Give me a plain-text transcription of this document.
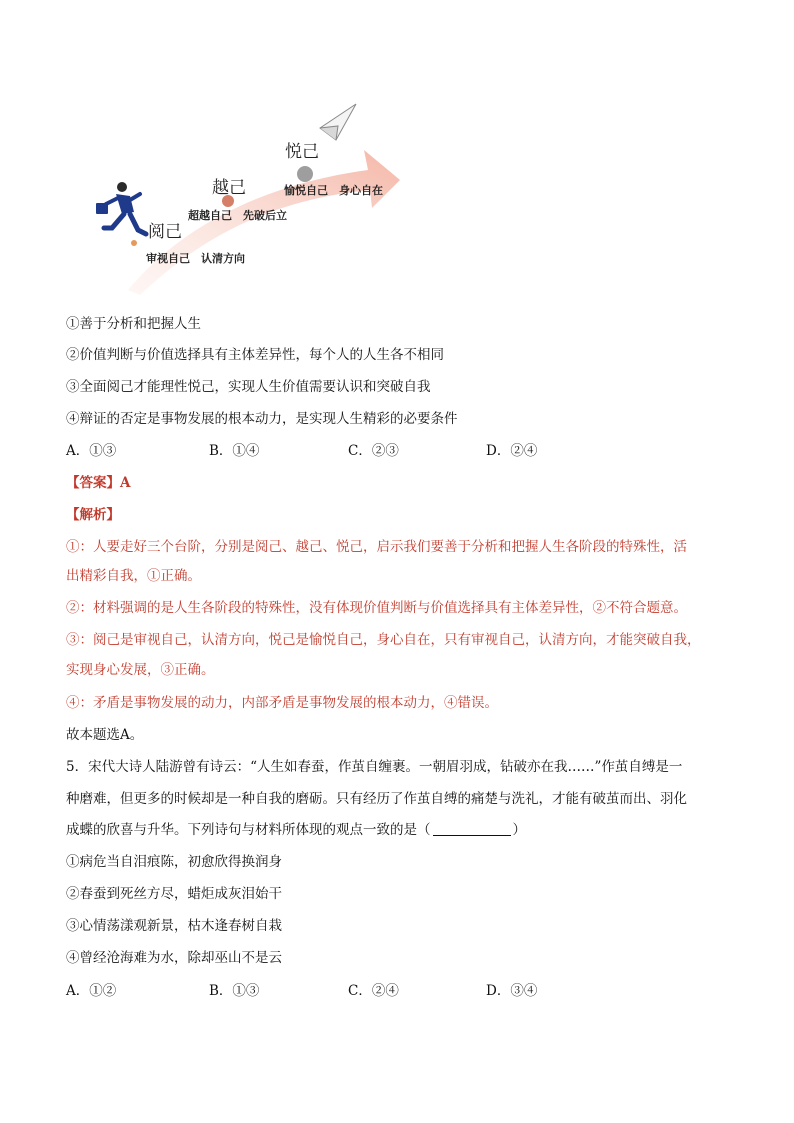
悦己
愉悦自己　身心自在
越己
超越自己　先破后立
阅己
审视自己　认清方向
①善于分析和把握人生
②价值判断与价值选择具有主体差异性，每个人的人生各不相同
③全面阅己才能理性悦己，实现人生价值需要认识和突破自我
④辩证的否定是事物发展的根本动力，是实现人生精彩的必要条件
A．①③	B．①④	C．②③	D．②④
【答案】A
【解析】
①：人要走好三个台阶，分别是阅己、越己、悦己，启示我们要善于分析和把握人生各阶段的特殊性，活
出精彩自我，①正确。
②：材料强调的是人生各阶段的特殊性，没有体现价值判断与价值选择具有主体差异性，②不符合题意。
③：阅己是审视自己，认清方向，悦己是愉悦自己，身心自在，只有审视自己，认清方向，才能突破自我，
实现身心发展，③正确。
④：矛盾是事物发展的动力，内部矛盾是事物发展的根本动力，④错误。
故本题选A。
5．宋代大诗人陆游曾有诗云：“人生如春蚕，作茧自缠裹。一朝眉羽成，钻破亦在我……”作茧自缚是一
种磨难，但更多的时候却是一种自我的磨砺。只有经历了作茧自缚的痛楚与洗礼，才能有破茧而出、羽化
成蝶的欣喜与升华。下列诗句与材料所体现的观点一致的是（	）
①病危当自泪痕陈，初愈欣得换润身
②春蚕到死丝方尽，蜡炬成灰泪始干
③心情荡漾观新景，枯木逢春树自栽
④曾经沧海难为水，除却巫山不是云
A．①②	B．①③	C．②④	D．③④
